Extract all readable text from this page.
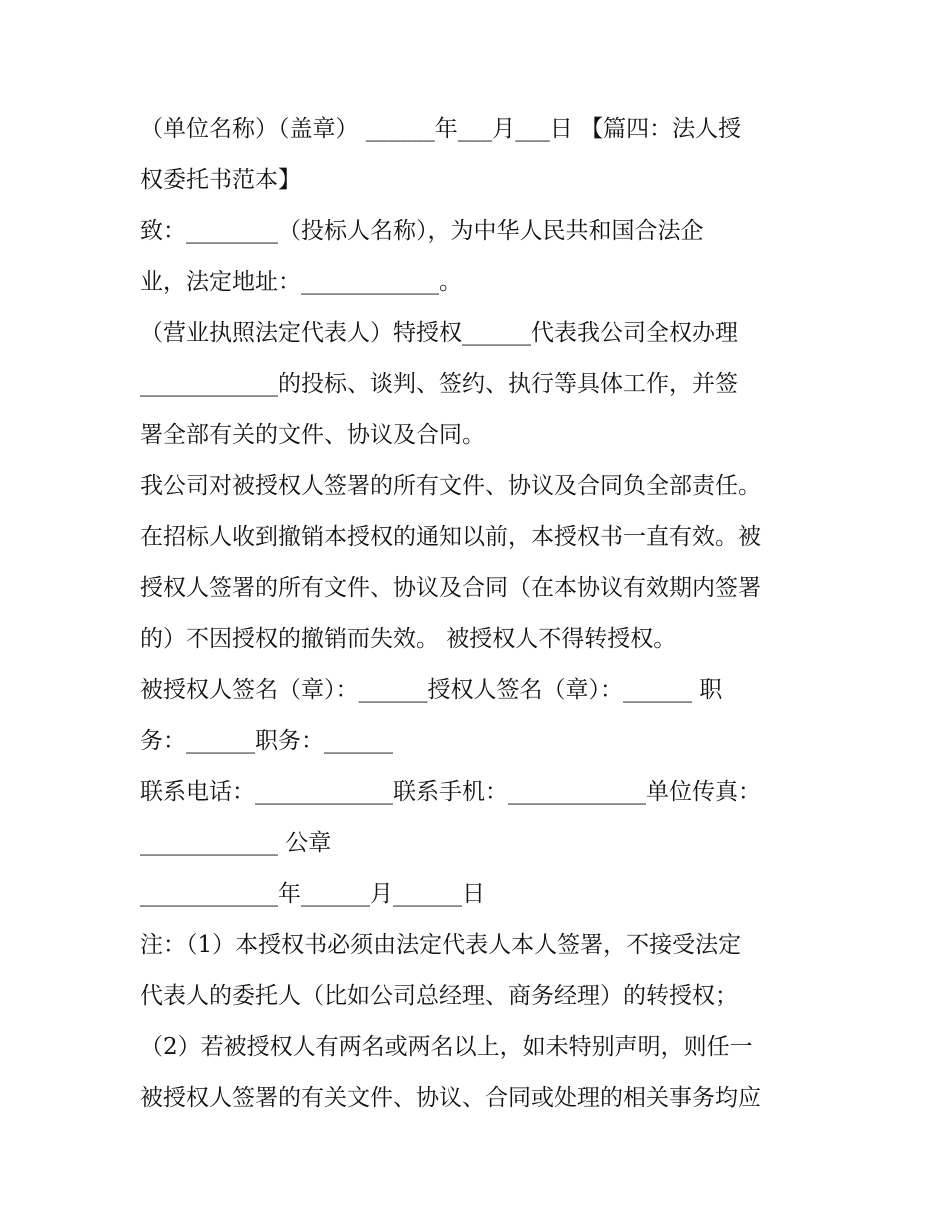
（单位名称）（盖章） ______年___月___日 【篇四：法人授
权委托书范本】
致：________（投标人名称），为中华人民共和国合法企
业，法定地址：____________。
（营业执照法定代表人）特授权______代表我公司全权办理
____________的投标、谈判、签约、执行等具体工作，并签
署全部有关的文件、协议及合同。
我公司对被授权人签署的所有文件、协议及合同负全部责任。
在招标人收到撤销本授权的通知以前，本授权书一直有效。被
授权人签署的所有文件、协议及合同（在本协议有效期内签署
的）不因授权的撤销而失效。 被授权人不得转授权。
被授权人签名（章）：______授权人签名（章）：______ 职
务：______职务：______
联系电话：____________联系手机：____________单位传真：
____________ 公章
____________年______月______日
注：（1）本授权书必须由法定代表人本人签署，不接受法定
代表人的委托人（比如公司总经理、商务经理）的转授权；
（2）若被授权人有两名或两名以上，如未特别声明，则任一
被授权人签署的有关文件、协议、合同或处理的相关事务均应
